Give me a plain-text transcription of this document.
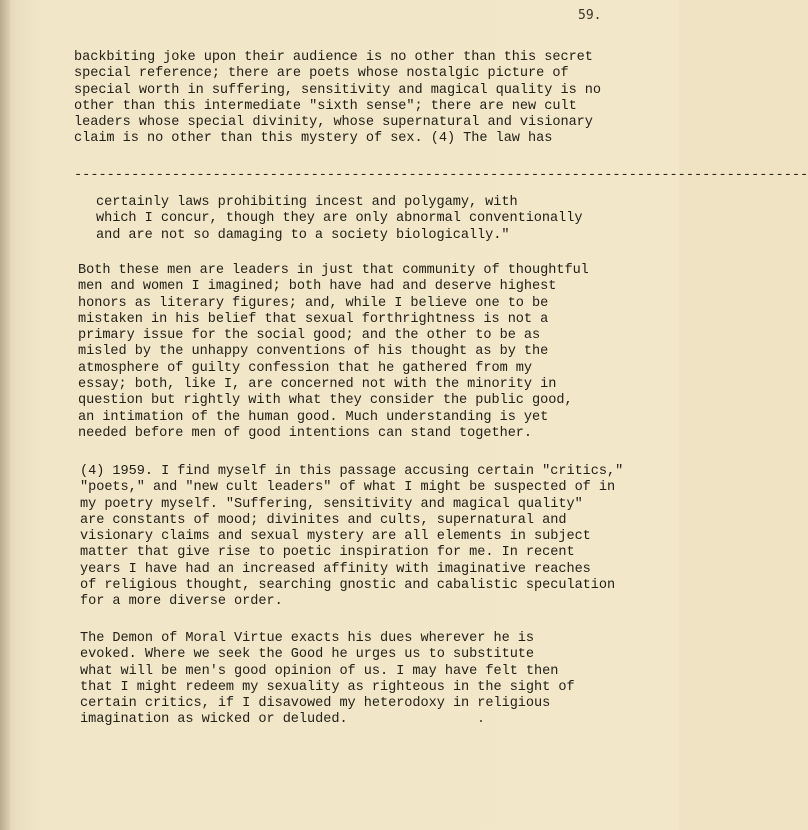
59.
backbiting joke upon their audience is no other than this secret
special reference; there are poets whose nostalgic picture of
special worth in suffering, sensitivity and magical quality is no
other than this intermediate "sixth sense"; there are new cult
leaders whose special divinity, whose supernatural and visionary
claim is no other than this mystery of sex. (4) The law has
------------------------------------------------------------------------------------------
certainly laws prohibiting incest and polygamy, with
which I concur, though they are only abnormal conventionally
and are not so damaging to a society biologically."
Both these men are leaders in just that community of thoughtful
men and women I imagined; both have had and deserve highest
honors as literary figures; and, while I believe one to be
mistaken in his belief that sexual forthrightness is not a
primary issue for the social good; and the other to be as
misled by the unhappy conventions of his thought as by the
atmosphere of guilty confession that he gathered from my
essay; both, like I, are concerned not with the minority in
question but rightly with what they consider the public good,
an intimation of the human good. Much understanding is yet
needed before men of good intentions can stand together.
(4) 1959. I find myself in this passage accusing certain "critics,"
"poets," and "new cult leaders" of what I might be suspected of in
my poetry myself. "Suffering, sensitivity and magical quality"
are constants of mood; divinites and cults, supernatural and
visionary claims and sexual mystery are all elements in subject
matter that give rise to poetic inspiration for me. In recent
years I have had an increased affinity with imaginative reaches
of religious thought, searching gnostic and cabalistic speculation
for a more diverse order.
The Demon of Moral Virtue exacts his dues wherever he is
evoked. Where we seek the Good he urges us to substitute
what will be men's good opinion of us. I may have felt then
that I might redeem my sexuality as righteous in the sight of
certain critics, if I disavowed my heterodoxy in religious
imagination as wicked or deluded.
